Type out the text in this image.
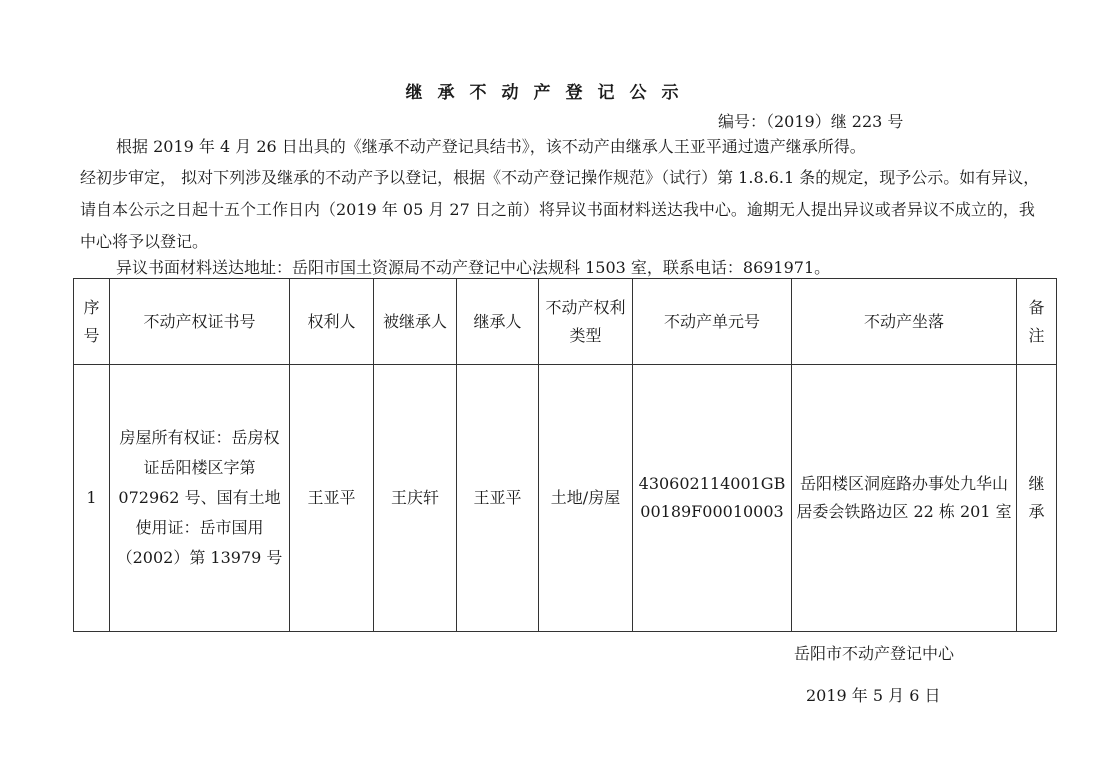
继承不动产登记公示
编号：（2019）继 223 号
根据 2019 年 4 月 26 日出具的《继承不动产登记具结书》，该不动产由继承人王亚平通过遗产继承所得。
经初步审定， 拟对下列涉及继承的不动产予以登记，根据《不动产登记操作规范》（试行）第 1.8.6.1 条的规定，现予公示。如有异议，请自本公示之日起十五个工作日内（2019 年 05 月 27 日之前）将异议书面材料送达我中心。逾期无人提出异议或者异议不成立的，我中心将予以登记。
异议书面材料送达地址：岳阳市国土资源局不动产登记中心法规科 1503 室，联系电话：8691971。
序号	不动产权证书号	权利人	被继承人	继承人	不动产权利类型	不动产单元号	不动产坐落	备注
1	房屋所有权证：岳房权证岳阳楼区字第 072962 号、国有土地使用证：岳市国用（2002）第 13979 号	王亚平	王庆轩	王亚平	土地/房屋	430602114001GB00189F00010003	岳阳楼区洞庭路办事处九华山居委会铁路边区 22 栋 201 室	继承
岳阳市不动产登记中心
2019 年 5 月 6 日
